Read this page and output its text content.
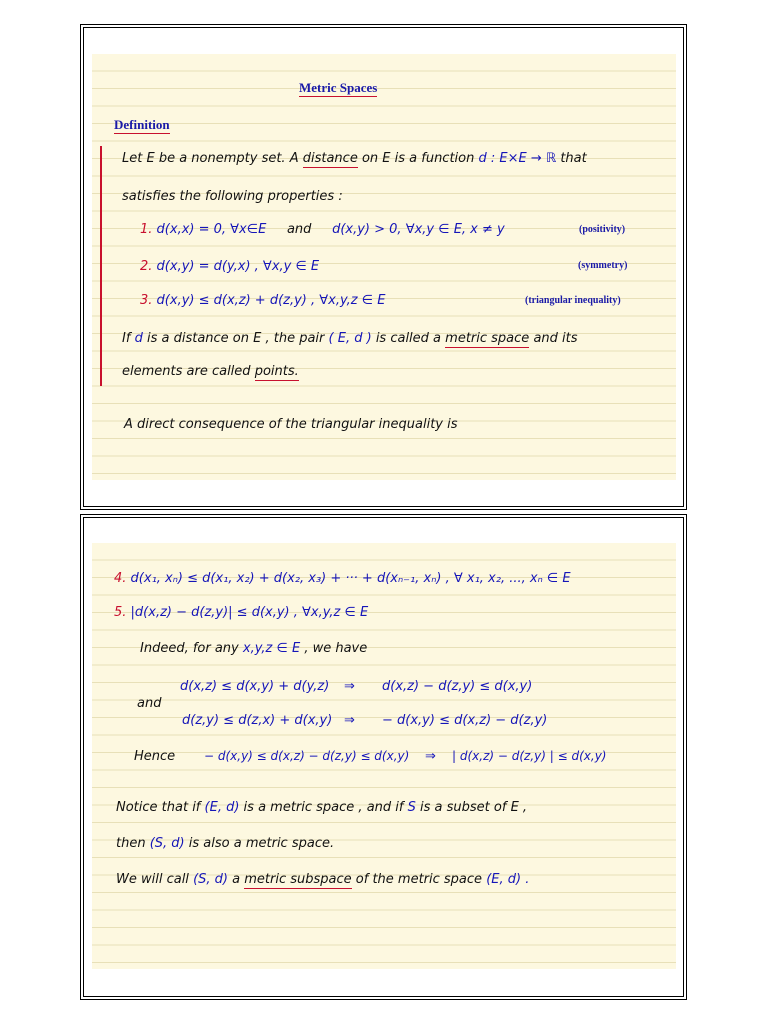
Metric Spaces
Definition
Let E be a nonempty set. A distance on E is a function d : E×E → ℝ that
satisfies the following properties :
1. d(x,x) = 0, ∀x∈E and d(x,y) > 0, ∀x,y ∈ E, x ≠ y	(positivity)
2. d(x,y) = d(y,x) , ∀x,y ∈ E	(symmetry)
3. d(x,y) ≤ d(x,z) + d(z,y) , ∀x,y,z ∈ E	(triangular inequality)
If d is a distance on E , the pair ( E, d ) is called a metric space and its
elements are called points.
A direct consequence of the triangular inequality is
4. d(x₁, xₙ) ≤ d(x₁, x₂) + d(x₂, x₃) + ··· + d(xₙ₋₁, xₙ) , ∀ x₁, x₂, ..., xₙ ∈ E
5. |d(x,z) − d(z,y)| ≤ d(x,y) , ∀x,y,z ∈ E
Indeed, for any x,y,z ∈ E , we have
d(x,z) ≤ d(x,y) + d(y,z) ⇒ d(x,z) − d(z,y) ≤ d(x,y)
and
d(z,y) ≤ d(z,x) + d(x,y) ⇒ − d(x,y) ≤ d(x,z) − d(z,y)
Hence − d(x,y) ≤ d(x,z) − d(z,y) ≤ d(x,y) ⇒ | d(x,z) − d(z,y) | ≤ d(x,y)
Notice that if (E, d) is a metric space , and if S is a subset of E ,
then (S, d) is also a metric space.
We will call (S, d) a metric subspace of the metric space (E, d) .
